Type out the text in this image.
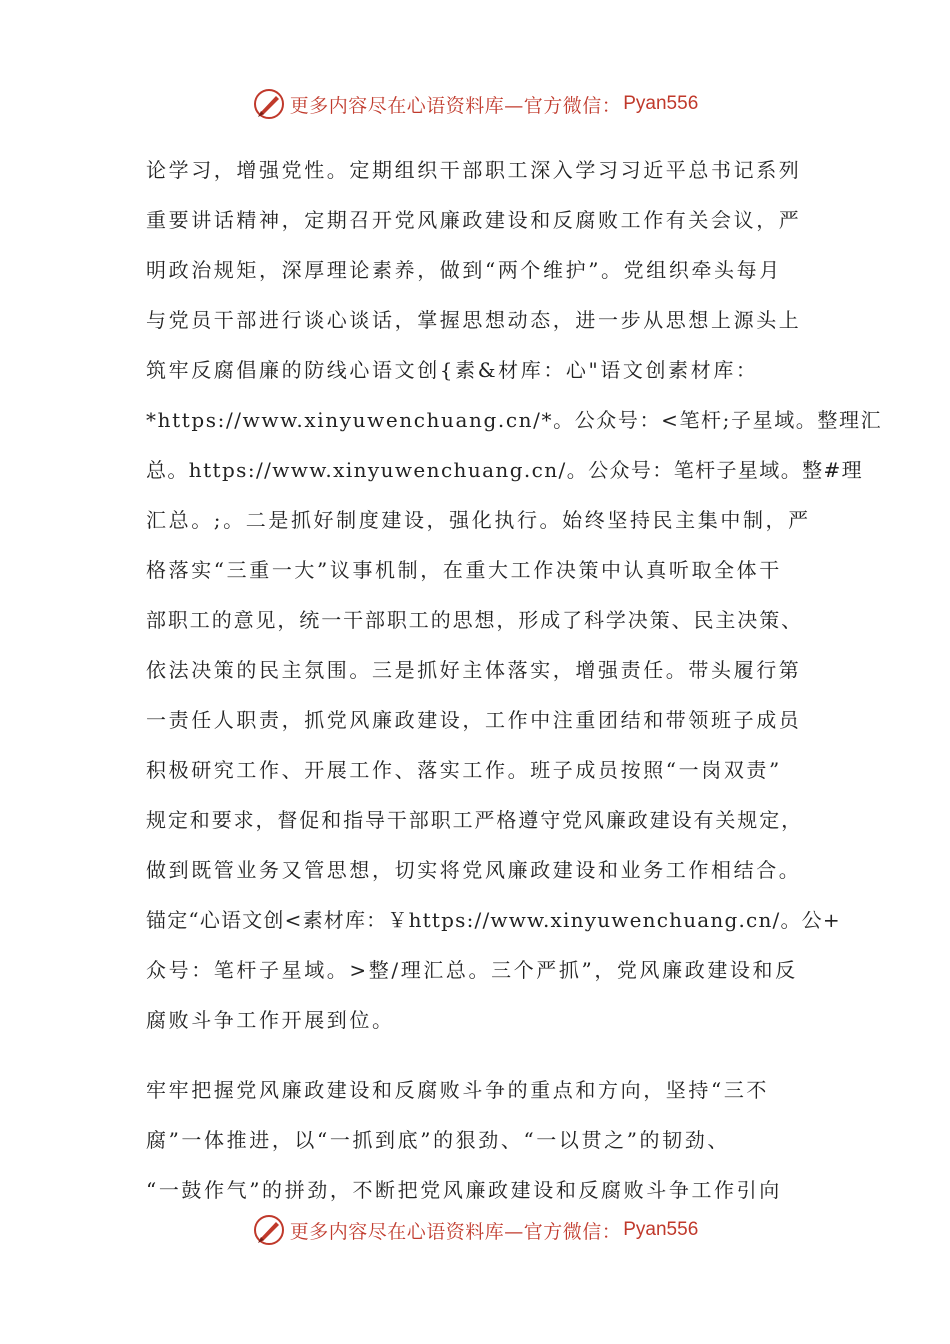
更多内容尽在心语资料库—官方微信： Pyan556
论学习，增强党性。定期组织干部职工深入学习习近平总书记系列
重要讲话精神，定期召开党风廉政建设和反腐败工作有关会议，严
明政治规矩，深厚理论素养，做到“两个维护”。党组织牵头每月
与党员干部进行谈心谈话，掌握思想动态，进一步从思想上源头上
筑牢反腐倡廉的防线心语文创{素&材库：心"语文创素材库：
*https://www.xinyuwenchuang.cn/*。公众号：<笔杆;子星域。整理汇
总。https://www.xinyuwenchuang.cn/。公众号：笔杆子星域。整#理
汇总。;。二是抓好制度建设，强化执行。始终坚持民主集中制，严
格落实“三重一大”议事机制，在重大工作决策中认真听取全体干
部职工的意见，统一干部职工的思想，形成了科学决策、民主决策、
依法决策的民主氛围。三是抓好主体落实，增强责任。带头履行第
一责任人职责，抓党风廉政建设，工作中注重团结和带领班子成员
积极研究工作、开展工作、落实工作。班子成员按照“一岗双责”
规定和要求，督促和指导干部职工严格遵守党风廉政建设有关规定，
做到既管业务又管思想，切实将党风廉政建设和业务工作相结合。
锚定“心语文创<素材库：￥https://www.xinyuwenchuang.cn/。公+
众号：笔杆子星域。>整/理汇总。三个严抓”，党风廉政建设和反
腐败斗争工作开展到位。
牢牢把握党风廉政建设和反腐败斗争的重点和方向，坚持“三不
腐”一体推进，以“一抓到底”的狠劲、“一以贯之”的韧劲、
“一鼓作气”的拼劲，不断把党风廉政建设和反腐败斗争工作引向
更多内容尽在心语资料库—官方微信： Pyan556
